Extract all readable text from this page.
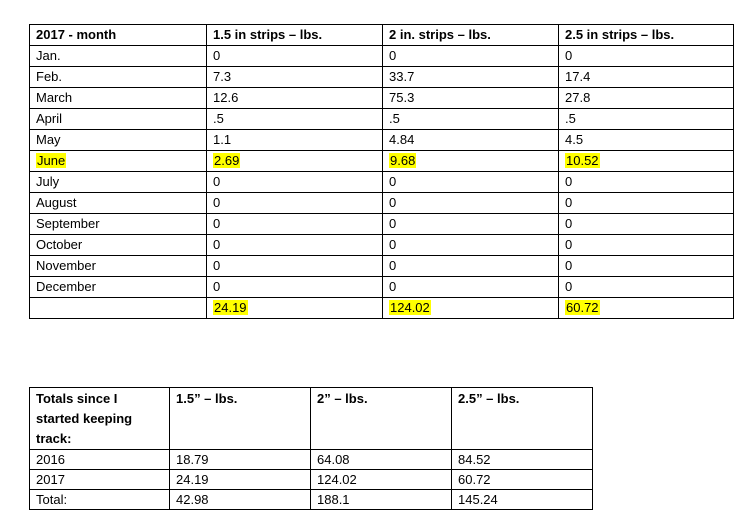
2017 - month	1.5 in strips – lbs.	2 in. strips – lbs.	2.5 in strips – lbs.
Jan.	0	0	0
Feb.	7.3	33.7	17.4
March	12.6	75.3	27.8
April	.5	.5	.5
May	1.1	4.84	4.5
June	2.69	9.68	10.52
July	0	0	0
August	0	0	0
September	0	0	0
October	0	0	0
November	0	0	0
December	0	0	0
	24.19	124.02	60.72
Totals since I started keeping track:	1.5” – lbs.	2” – lbs.	2.5” – lbs.
2016	18.79	64.08	84.52
2017	24.19	124.02	60.72
Total:	42.98	188.1	145.24
